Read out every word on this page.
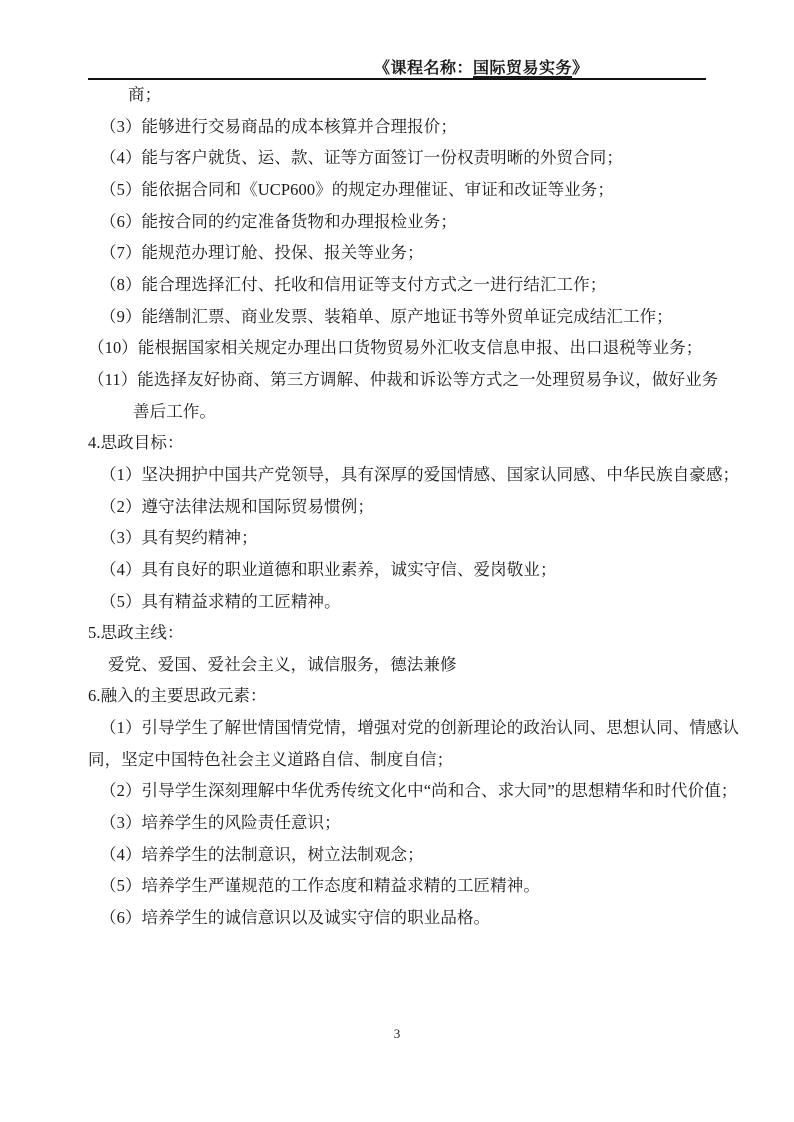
《课程名称：国际贸易实务》

商；

（3）能够进行交易商品的成本核算并合理报价；

（4）能与客户就货、运、款、证等方面签订一份权责明晰的外贸合同；

（5）能依据合同和《UCP600》的规定办理催证、审证和改证等业务；

（6）能按合同的约定准备货物和办理报检业务；

（7）能规范办理订舱、投保、报关等业务；

（8）能合理选择汇付、托收和信用证等支付方式之一进行结汇工作；

（9）能缮制汇票、商业发票、装箱单、原产地证书等外贸单证完成结汇工作；

（10）能根据国家相关规定办理出口货物贸易外汇收支信息申报、出口退税等业务；

（11）能选择友好协商、第三方调解、仲裁和诉讼等方式之一处理贸易争议，做好业务

善后工作。

4.思政目标：

（1）坚决拥护中国共产党领导，具有深厚的爱国情感、国家认同感、中华民族自豪感；

（2）遵守法律法规和国际贸易惯例；

（3）具有契约精神；

（4）具有良好的职业道德和职业素养，诚实守信、爱岗敬业；

（5）具有精益求精的工匠精神。

5.思政主线：

爱党、爱国、爱社会主义，诚信服务，德法兼修

6.融入的主要思政元素：

（1）引导学生了解世情国情党情，增强对党的创新理论的政治认同、思想认同、情感认

同，坚定中国特色社会主义道路自信、制度自信；

（2）引导学生深刻理解中华优秀传统文化中“尚和合、求大同”的思想精华和时代价值；

（3）培养学生的风险责任意识；

（4）培养学生的法制意识，树立法制观念；

（5）培养学生严谨规范的工作态度和精益求精的工匠精神。

（6）培养学生的诚信意识以及诚实守信的职业品格。

3
